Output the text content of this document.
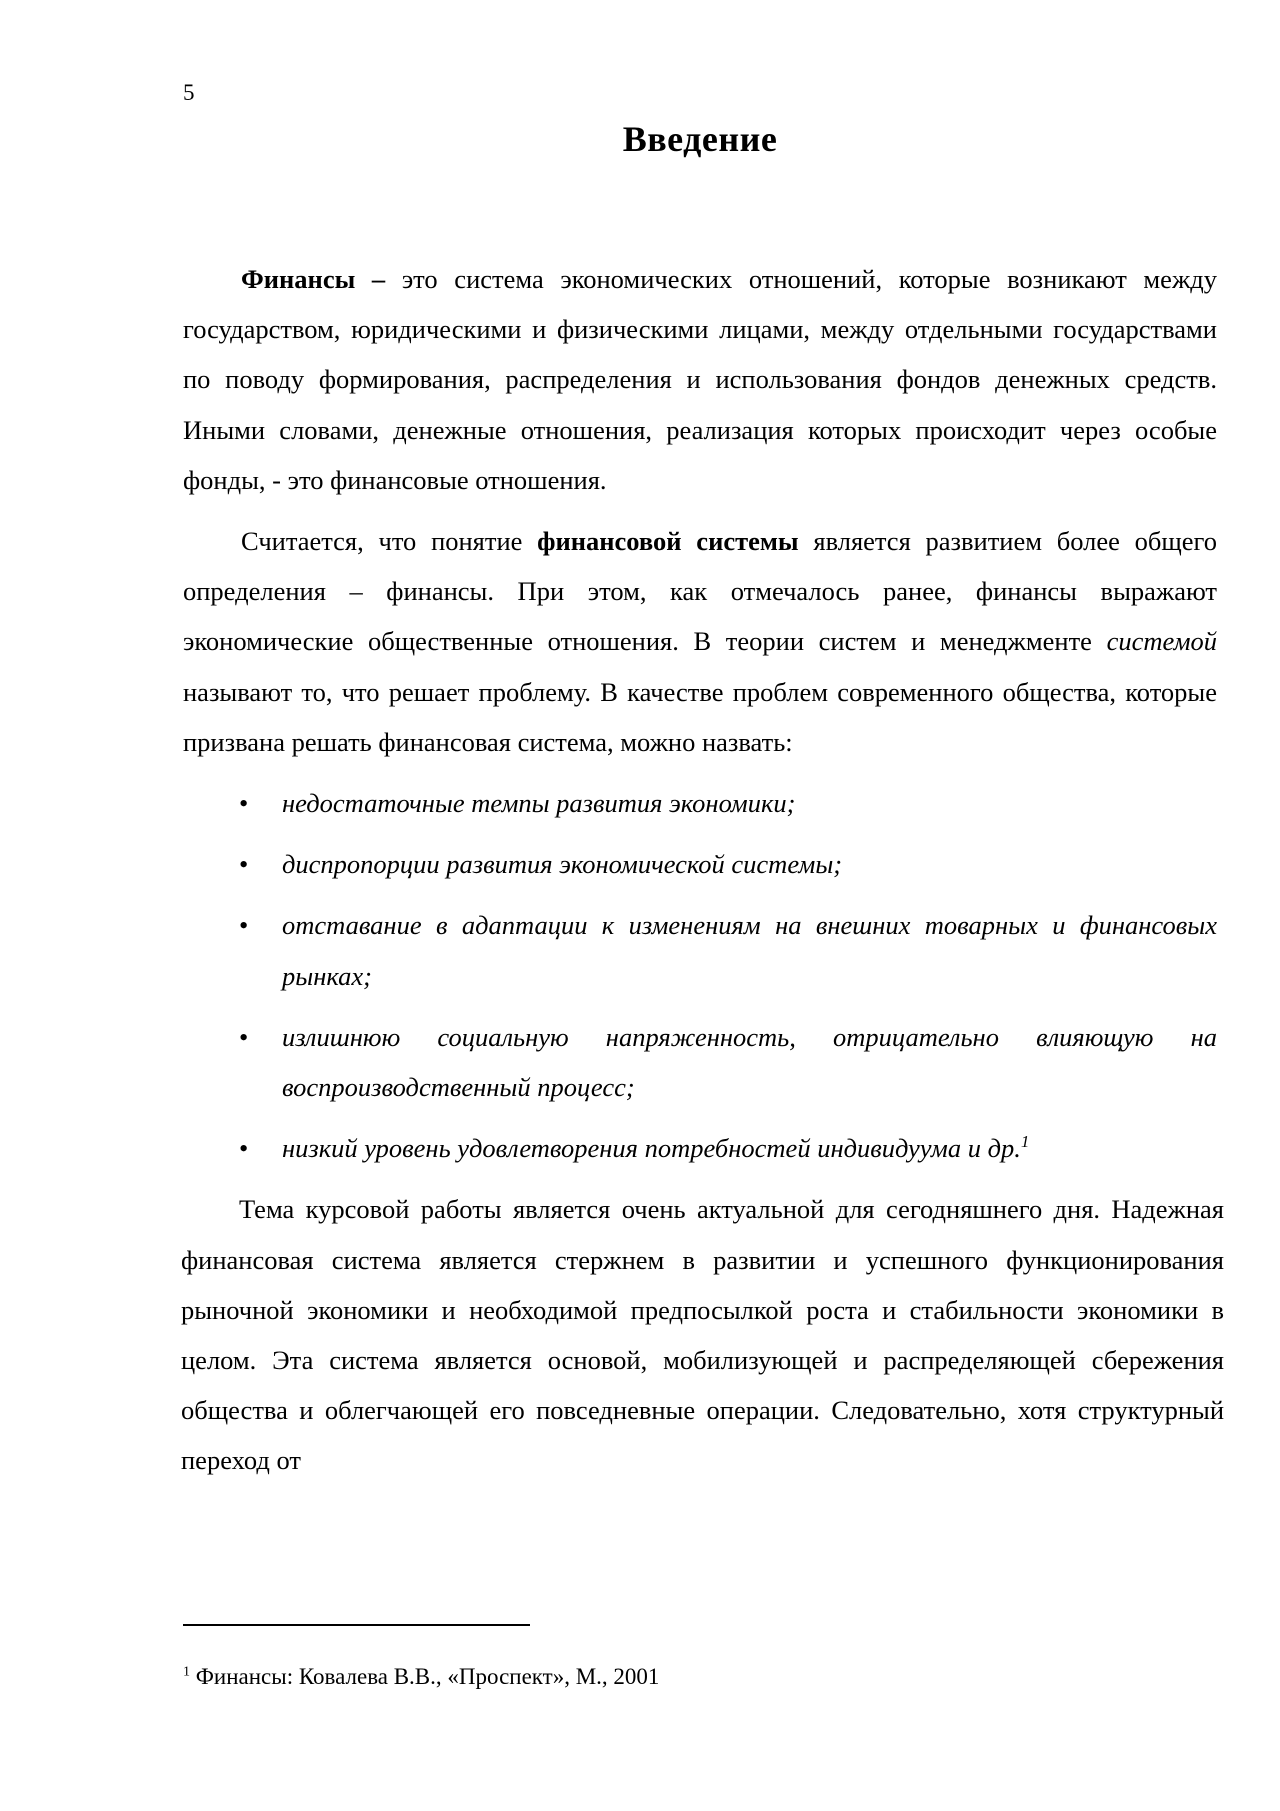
5
Введение

Финансы – это система экономических отношений, которые возникают между государством, юридическими и физическими лицами, между отдельными государствами по поводу формирования, распределения и использования фондов денежных средств. Иными словами, денежные отношения, реализация которых происходит через особые фонды, - это финансовые отношения.

Считается, что понятие финансовой системы является развитием более общего определения – финансы. При этом, как отмечалось ранее, финансы выражают экономические общественные отношения. В теории систем и менеджменте системой называют то, что решает проблему. В качестве проблем современного общества, которые призвана решать финансовая система, можно назвать:

• недостаточные темпы развития экономики;
• диспропорции развития экономической системы;
• отставание в адаптации к изменениям на внешних товарных и финансовых рынках;
• излишнюю социальную напряженность, отрицательно влияющую на воспроизводственный процесс;
• низкий уровень удовлетворения потребностей индивидуума и др.$^1$

Тема курсовой работы является очень актуальной для сегодняшнего дня. Надежная финансовая система является стержнем в развитии и успешного функционирования рыночной экономики и необходимой предпосылкой роста и стабильности экономики в целом. Эта система является основой, мобилизующей и распределяющей сбережения общества и облегчающей его повседневные операции. Следовательно, хотя структурный переход от

$^1$ Финансы: Ковалева В.В., «Проспект», М., 2001
